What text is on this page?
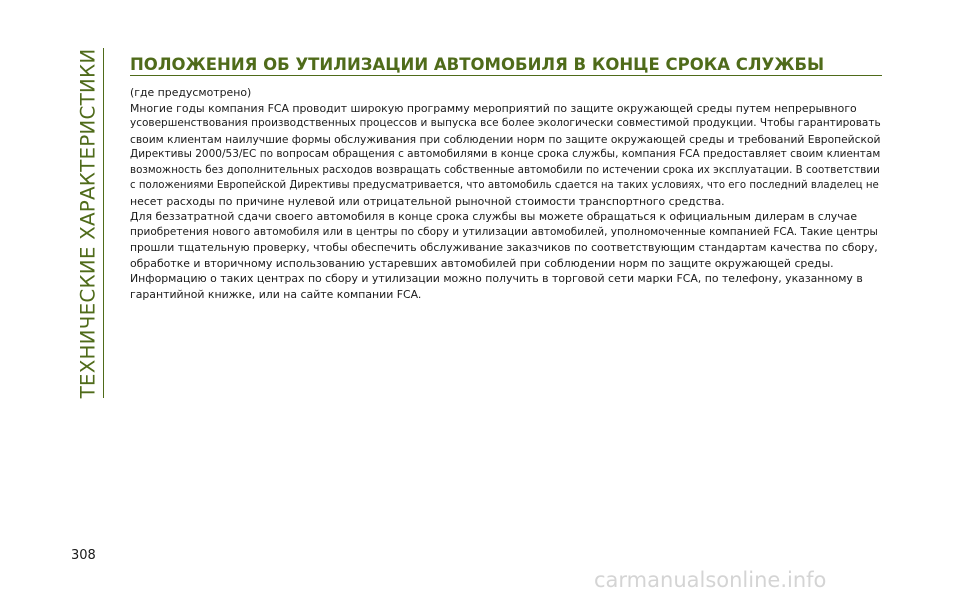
ТЕХНИЧЕСКИЕ ХАРАКТЕРИСТИКИ ПОЛОЖЕНИЯ ОБ УТИЛИЗАЦИИ АВТОМОБИЛЯ В КОНЦЕ СРОКА СЛУЖБЫ

(где предусмотрено)

Многие годы компания FCA проводит широкую программу мероприятий по защите окружающей среды путем непрерывного

усовершенствования производственных процессов и выпуска все более экологически совместимой продукции. Чтобы гарантировать

своим клиентам наилучшие формы обслуживания при соблюдении норм по защите окружающей среды и требований Европейской

Директивы 2000/53/EC по вопросам обращения с автомобилями в конце срока службы, компания FCA предоставляет своим клиентам

возможность без дополнительных расходов возвращать собственные автомобили по истечении срока их эксплуатации. В соответствии

с положениями Европейской Директивы предусматривается, что автомобиль сдается на таких условиях, что его последний владелец не

несет расходы по причине нулевой или отрицательной рыночной стоимости транспортного средства.

Для беззатратной сдачи своего автомобиля в конце срока службы вы можете обращаться к официальным дилерам в случае

приобретения нового автомобиля или в центры по сбору и утилизации автомобилей, уполномоченные компанией FCA. Такие центры

прошли тщательную проверку, чтобы обеспечить обслуживание заказчиков по соответствующим стандартам качества по сбору,

обработке и вторичному использованию устаревших автомобилей при соблюдении норм по защите окружающей среды.

Информацию о таких центрах по сбору и утилизации можно получить в торговой сети марки FCA, по телефону, указанному в

гарантийной книжке, или на сайте компании FCA.

308
carmanualsonline.info
